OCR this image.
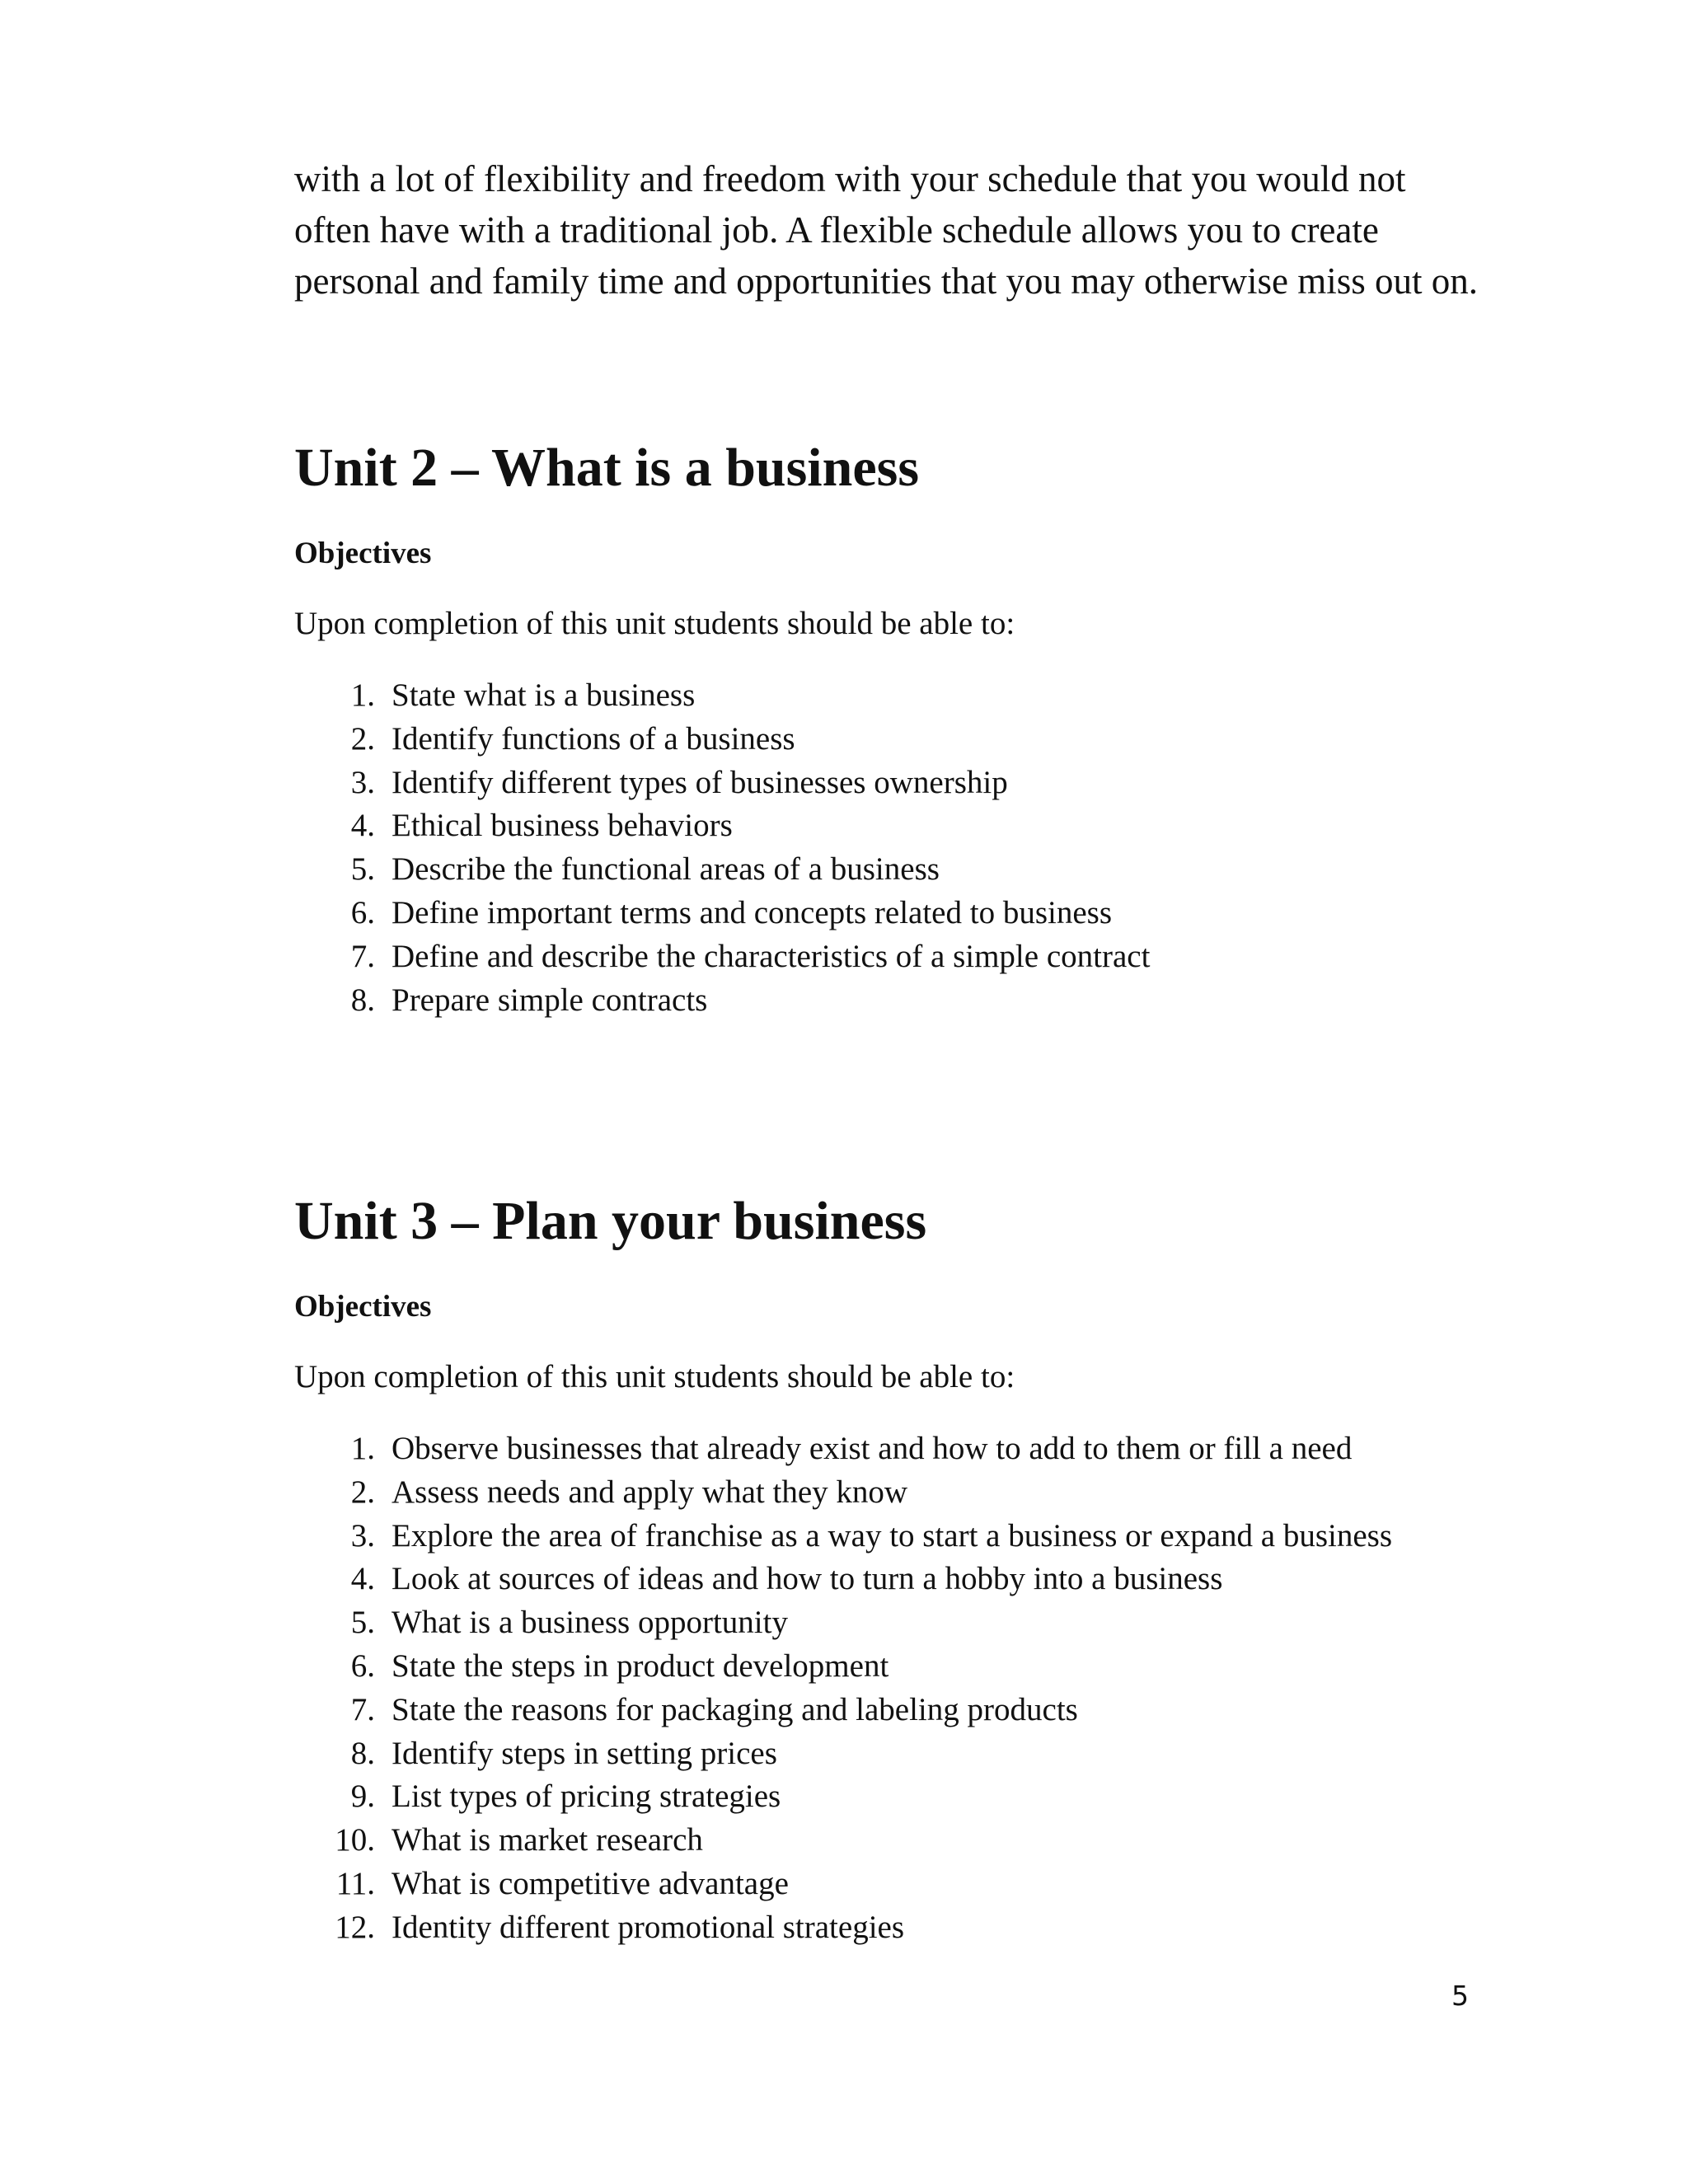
with a lot of flexibility and freedom with your schedule that you would not often have with a traditional job. A flexible schedule allows you to create personal and family time and opportunities that you may otherwise miss out on.

Unit 2 – What is a business
Objectives
Upon completion of this unit students should be able to:
1. State what is a business
2. Identify functions of a business
3. Identify different types of businesses ownership
4. Ethical business behaviors
5. Describe the functional areas of a business
6. Define important terms and concepts related to business
7. Define and describe the characteristics of a simple contract
8. Prepare simple contracts
Unit 3 – Plan your business
Objectives
Upon completion of this unit students should be able to:
1. Observe businesses that already exist and how to add to them or fill a need
2. Assess needs and apply what they know
3. Explore the area of franchise as a way to start a business or expand a business
4. Look at sources of ideas and how to turn a hobby into a business
5. What is a business opportunity
6. State the steps in product development
7. State the reasons for packaging and labeling products
8. Identify steps in setting prices
9. List types of pricing strategies
10. What is market research
11. What is competitive advantage
12. Identity different promotional strategies
5
